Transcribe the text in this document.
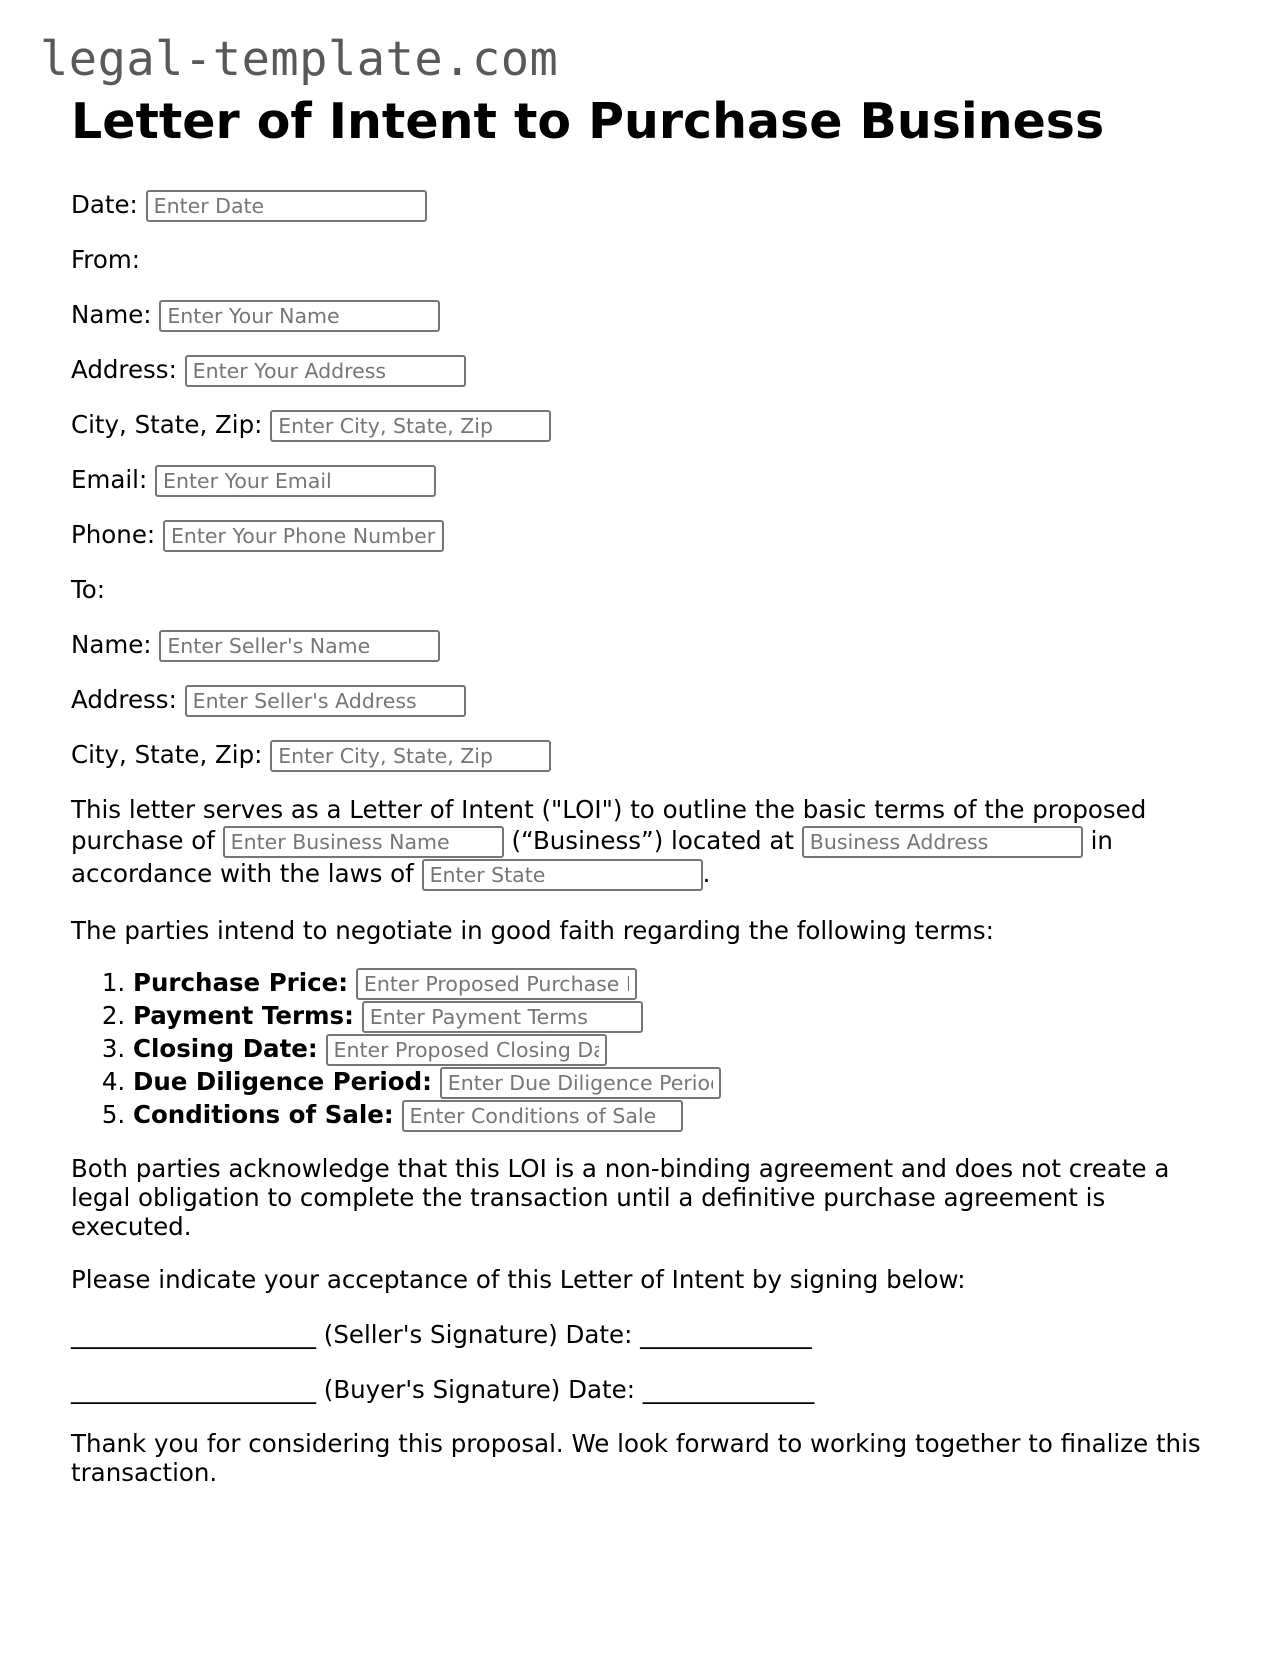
legal-template.com
Letter of Intent to Purchase Business
Date: Enter Date
From:
Name: Enter Your Name
Address: Enter Your Address
City, State, Zip: Enter City, State, Zip
Email: Enter Your Email
Phone: Enter Your Phone Number
To:
Name: Enter Seller's Name
Address: Enter Seller's Address
City, State, Zip: Enter City, State, Zip

This letter serves as a Letter of Intent ("LOI") to outline the basic terms of the proposed purchase of Enter Business Name	(“Business”) located at Business Address	in accordance with the laws of Enter State	.

The parties intend to negotiate in good faith regarding the following terms:

1. Purchase Price: Enter Proposed Purchase Price
2. Payment Terms: Enter Payment Terms
3. Closing Date: Enter Proposed Closing Date
4. Due Diligence Period: Enter Due Diligence Period
5. Conditions of Sale: Enter Conditions of Sale

Both parties acknowledge that this LOI is a non-binding agreement and does not create a legal obligation to complete the transaction until a definitive purchase agreement is executed.

Please indicate your acceptance of this Letter of Intent by signing below:

____________________ (Seller's Signature) Date: ______________

____________________ (Buyer's Signature) Date: ______________

Thank you for considering this proposal. We look forward to working together to finalize this transaction.
